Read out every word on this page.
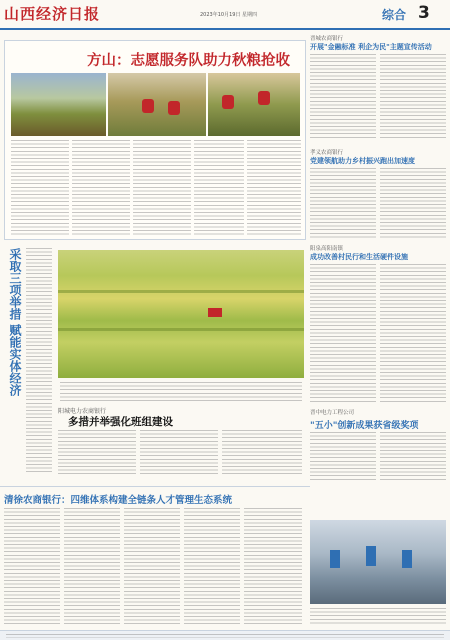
山西经济日报	2023年10月19日 星期四	综合 3
方山：志愿服务队助力秋粮抢收
采取三项举措 赋能实体经济
阳城电力农商银行
多措并举强化班组建设
晋城农商银行
开展"金融标准 利企为民"主题宣传活动
孝义农商银行
党建领航助力乡村振兴跑出加速度
阳泉高阳南镇
成功改善村民行和生活硬件设施
晋中电力工程公司
"五小"创新成果获省级奖项
清徐农商银行：四维体系构建全链条人才管理生态系统
